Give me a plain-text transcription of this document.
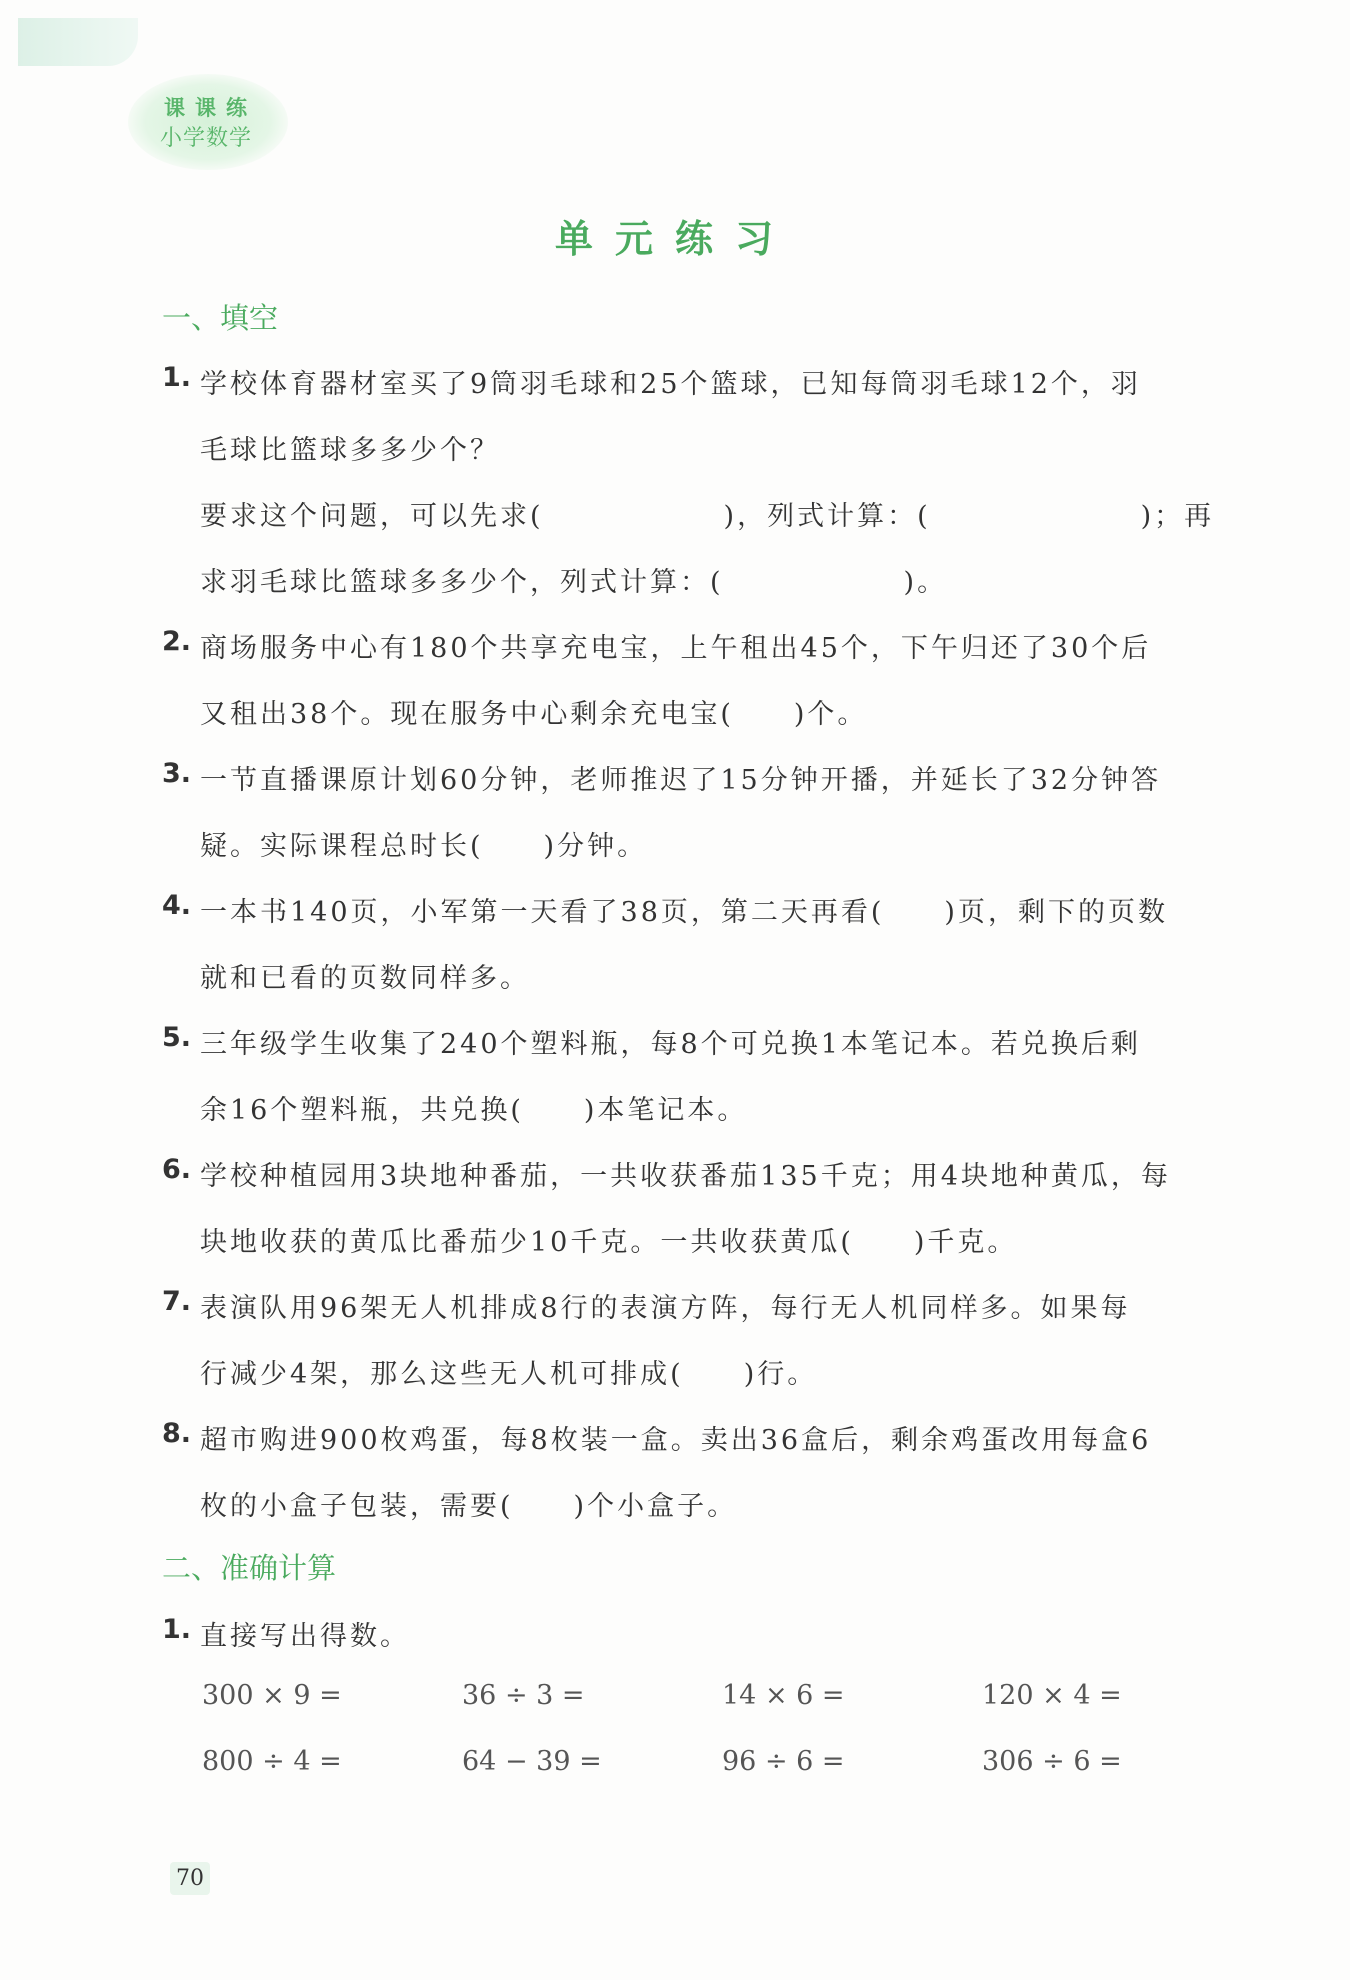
课课练
小学数学
单元练习
一、填空
1. 学校体育器材室买了9筒羽毛球和25个篮球，已知每筒羽毛球12个，羽
毛球比篮球多多少个？
要求这个问题，可以先求(　　　　　　)，列式计算：(　　　　　　　)；再
求羽毛球比篮球多多少个，列式计算：(　　　　　　)。
2. 商场服务中心有180个共享充电宝，上午租出45个，下午归还了30个后
又租出38个。现在服务中心剩余充电宝(　　)个。
3. 一节直播课原计划60分钟，老师推迟了15分钟开播，并延长了32分钟答
疑。实际课程总时长(　　)分钟。
4. 一本书140页，小军第一天看了38页，第二天再看(　　)页，剩下的页数
就和已看的页数同样多。
5. 三年级学生收集了240个塑料瓶，每8个可兑换1本笔记本。若兑换后剩
余16个塑料瓶，共兑换(　　)本笔记本。
6. 学校种植园用3块地种番茄，一共收获番茄135千克；用4块地种黄瓜，每
块地收获的黄瓜比番茄少10千克。一共收获黄瓜(　　)千克。
7. 表演队用96架无人机排成8行的表演方阵，每行无人机同样多。如果每
行减少4架，那么这些无人机可排成(　　)行。
8. 超市购进900枚鸡蛋，每8枚装一盒。卖出36盒后，剩余鸡蛋改用每盒6
枚的小盒子包装，需要(　　)个小盒子。
二、准确计算
1. 直接写出得数。
300 × 9 =	36 ÷ 3 =	14 × 6 =	120 × 4 =
800 ÷ 4 =	64 − 39 =	96 ÷ 6 =	306 ÷ 6 =
70
